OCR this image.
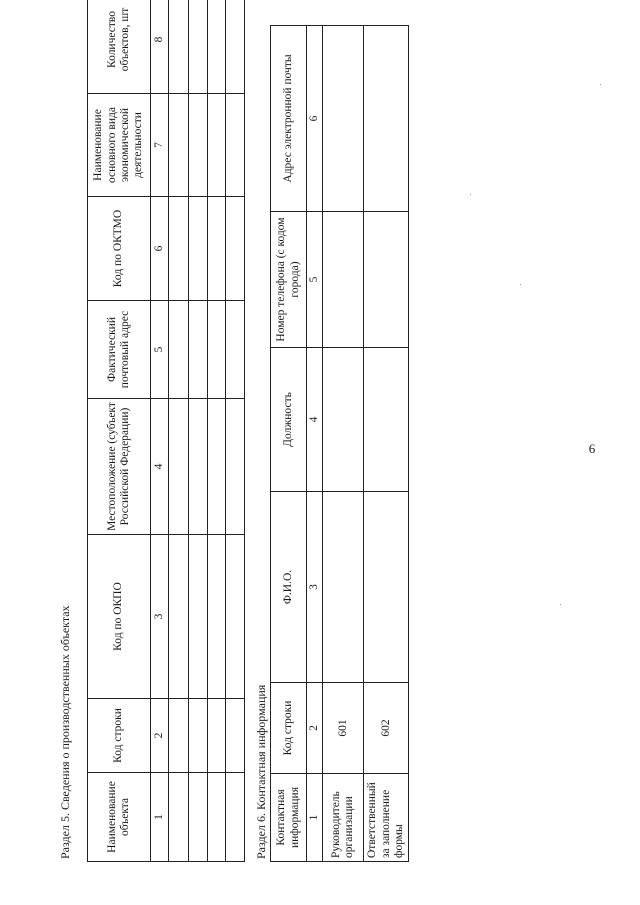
6
Раздел 5. Сведения о производственных объектах	Наименование объекта	Код строки	Код по ОКПО	Местоположение (субъект Российской Федерации)	Фактический почтовый адрес	Код по ОКТМО	Наименование основного вида экономической деятельности	Количество объектов, шт
1	2	3	4	5	6	7	8

Раздел 6. Контактная информация Контактная информация	Код строки	Ф.И.О.	Должность	Номер телефона (с кодом города)	Адрес электронной почты
1	2	3	4	5	6
Руководитель организации	601				
Ответственный за заполнение формы	602				
